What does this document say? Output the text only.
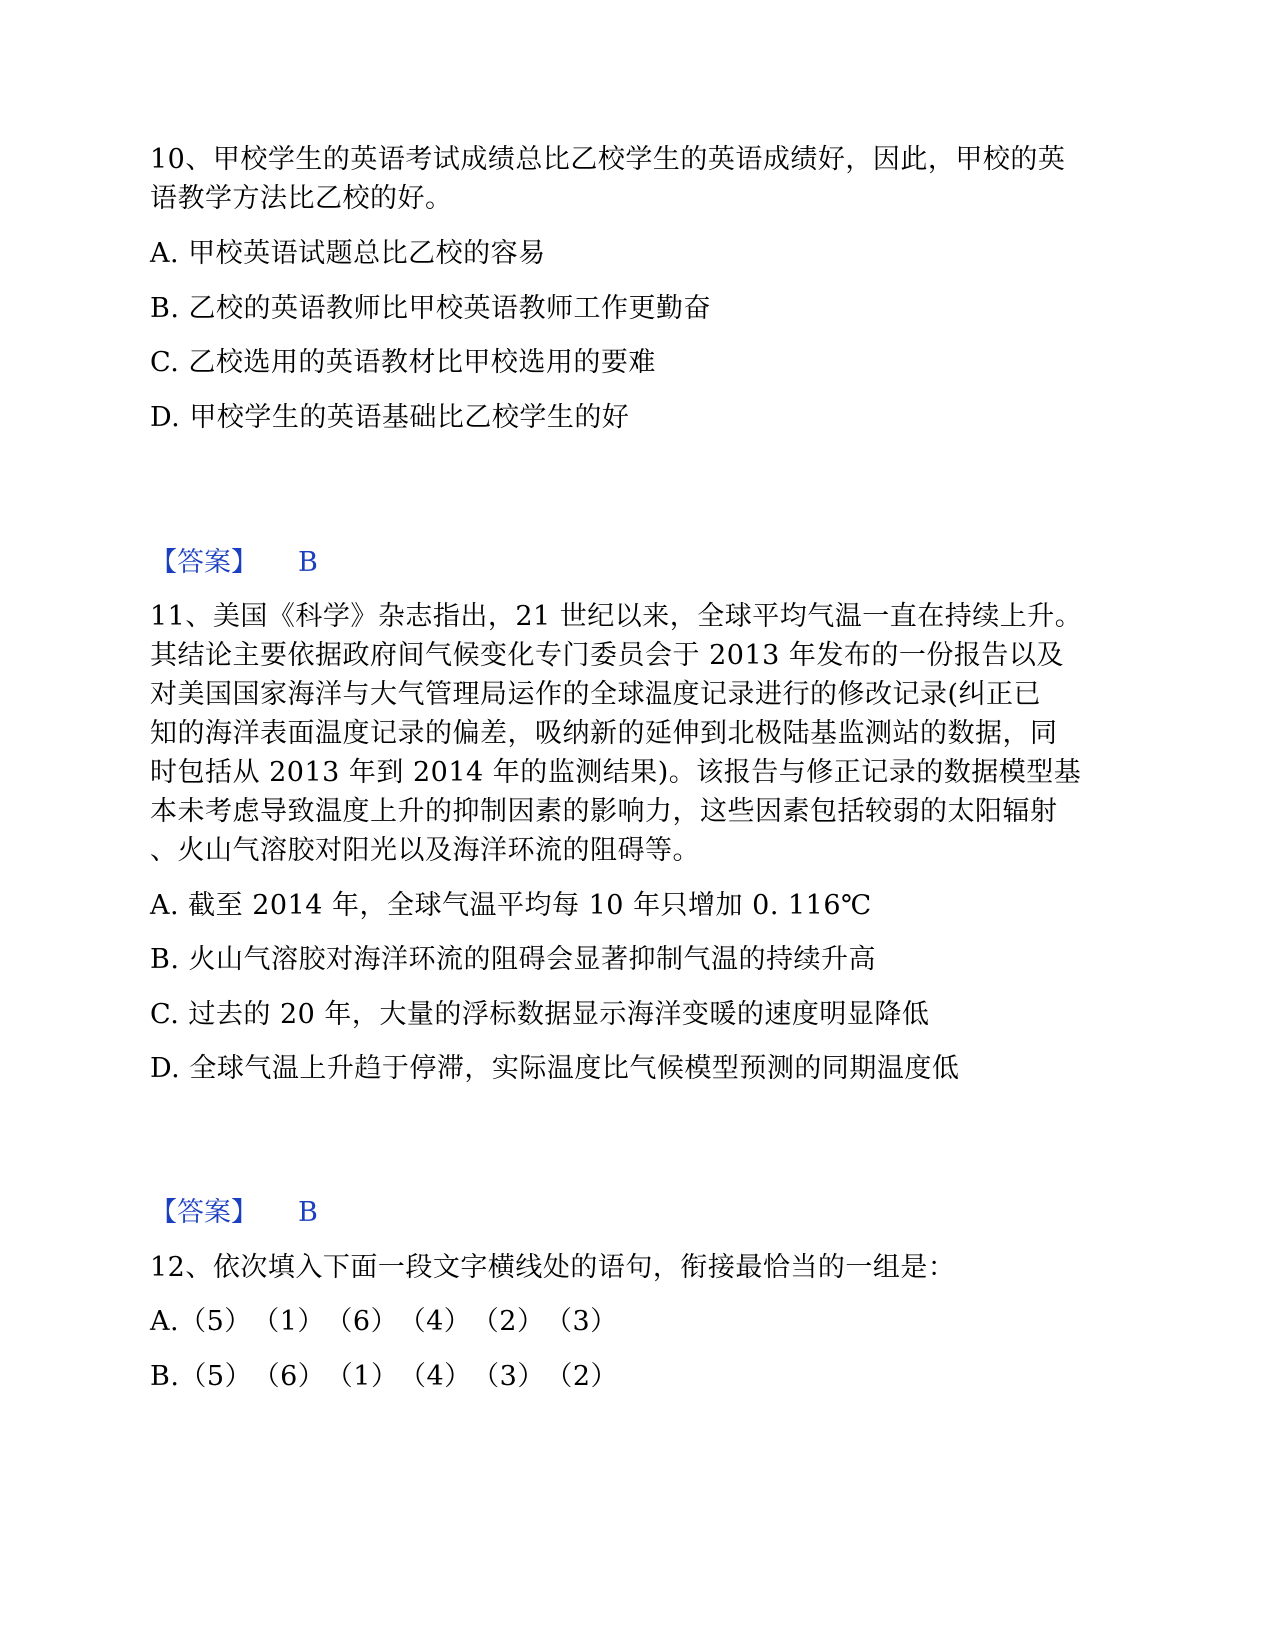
10、甲校学生的英语考试成绩总比乙校学生的英语成绩好，因此，甲校的英
语教学方法比乙校的好。
A. 甲校英语试题总比乙校的容易
B. 乙校的英语教师比甲校英语教师工作更勤奋
C. 乙校选用的英语教材比甲校选用的要难
D. 甲校学生的英语基础比乙校学生的好
【答案】 B
11、美国《科学》杂志指出，21 世纪以来，全球平均气温一直在持续上升。
其结论主要依据政府间气候变化专门委员会于 2013 年发布的一份报告以及
对美国国家海洋与大气管理局运作的全球温度记录进行的修改记录(纠正已
知的海洋表面温度记录的偏差，吸纳新的延伸到北极陆基监测站的数据，同
时包括从 2013 年到 2014 年的监测结果)。该报告与修正记录的数据模型基
本未考虑导致温度上升的抑制因素的影响力，这些因素包括较弱的太阳辐射
、火山气溶胶对阳光以及海洋环流的阻碍等。
A. 截至 2014 年，全球气温平均每 10 年只增加 0. 116℃
B. 火山气溶胶对海洋环流的阻碍会显著抑制气温的持续升高
C. 过去的 20 年，大量的浮标数据显示海洋变暖的速度明显降低
D. 全球气温上升趋于停滞，实际温度比气候模型预测的同期温度低
【答案】 B
12、依次填入下面一段文字横线处的语句，衔接最恰当的一组是：
A.（5）　（1）　（6）　（4）　（2）　（3）
B.（5）　（6）　（1）　（4）　（3）　（2）
